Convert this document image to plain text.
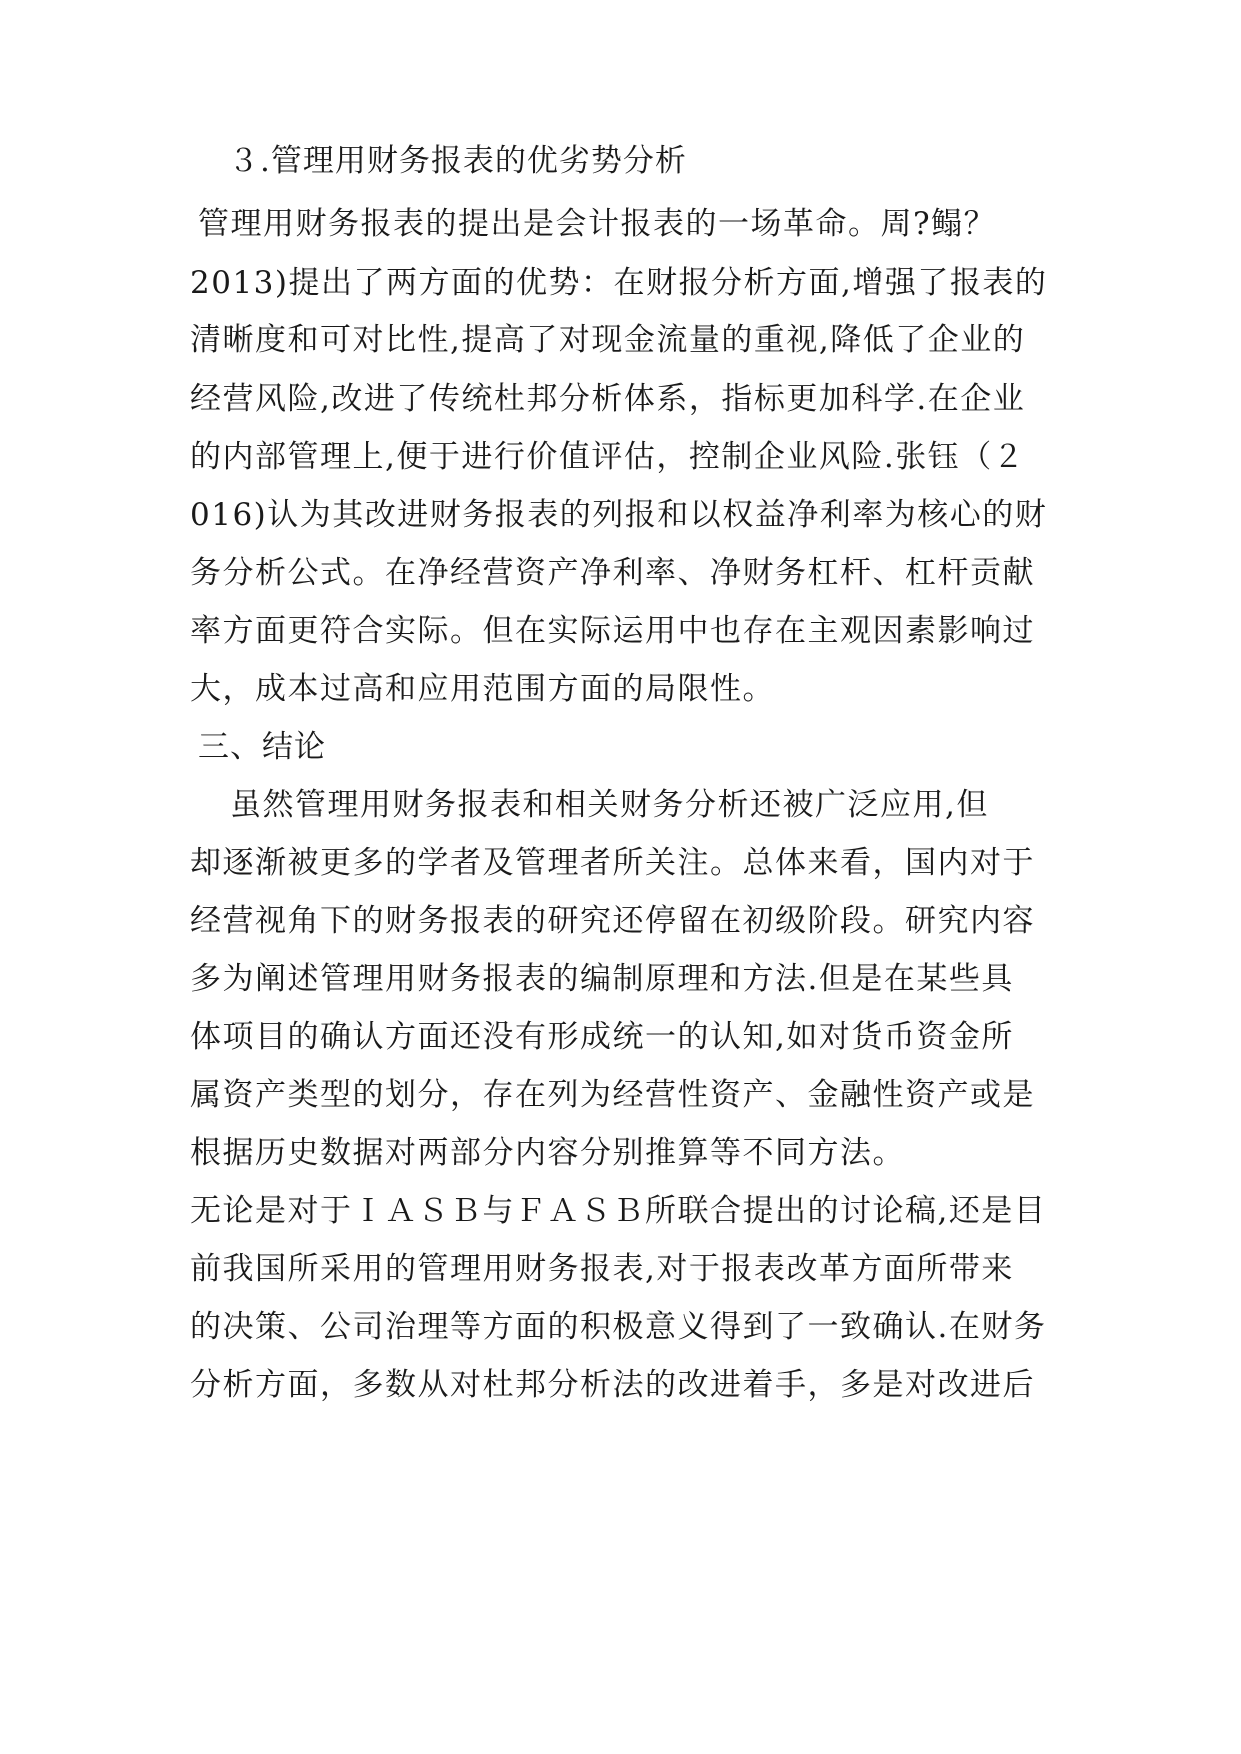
３.管理用财务报表的优劣势分析
管理用财务报表的提出是会计报表的一场革命。周?鳎？
2013)提出了两方面的优势：在财报分析方面,增强了报表的
清晰度和可对比性,提高了对现金流量的重视,降低了企业的
经营风险,改进了传统杜邦分析体系，指标更加科学.在企业
的内部管理上,便于进行价值评估，控制企业风险.张钰（２
016)认为其改进财务报表的列报和以权益净利率为核心的财
务分析公式。在净经营资产净利率、净财务杠杆、杠杆贡献
率方面更符合实际。但在实际运用中也存在主观因素影响过
大，成本过高和应用范围方面的局限性。
三、结论
虽然管理用财务报表和相关财务分析还被广泛应用,但
却逐渐被更多的学者及管理者所关注。总体来看，国内对于
经营视角下的财务报表的研究还停留在初级阶段。研究内容
多为阐述管理用财务报表的编制原理和方法.但是在某些具
体项目的确认方面还没有形成统一的认知,如对货币资金所
属资产类型的划分，存在列为经营性资产、金融性资产或是
根据历史数据对两部分内容分别推算等不同方法。
无论是对于ＩＡＳＢ与ＦＡＳＢ所联合提出的讨论稿,还是目
前我国所采用的管理用财务报表,对于报表改革方面所带来
的决策、公司治理等方面的积极意义得到了一致确认.在财务
分析方面，多数从对杜邦分析法的改进着手，多是对改进后
